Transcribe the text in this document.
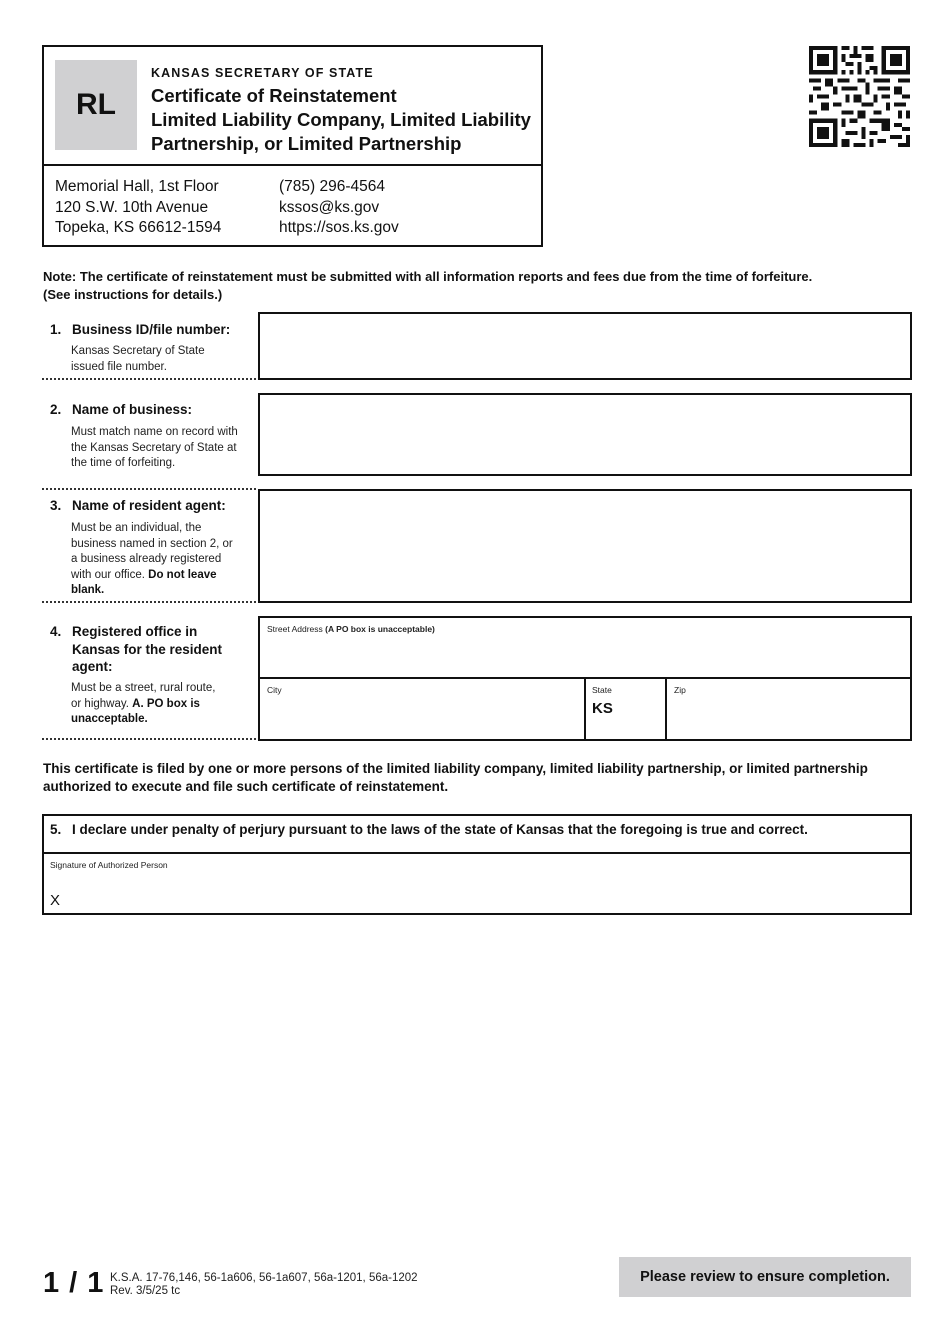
RL
KANSAS SECRETARY OF STATE
Certificate of Reinstatement
Limited Liability Company, Limited Liability
Partnership, or Limited Partnership
Memorial Hall, 1st Floor
120 S.W. 10th Avenue
Topeka, KS 66612-1594
(785) 296-4564
kssos@ks.gov
https://sos.ks.gov
Note: The certificate of reinstatement must be submitted with all information reports and fees due from the time of forfeiture.
(See instructions for details.)
1. Business ID/file number:
Kansas Secretary of State
issued file number.
2. Name of business:
Must match name on record with
the Kansas Secretary of State at
the time of forfeiting.
3. Name of resident agent:
Must be an individual, the
business named in section 2, or
a business already registered
with our office. Do not leave
blank.
4. Registered office in
Kansas for the resident
agent:
Must be a street, rural route,
or highway. A. PO box is
unacceptable.
Street Address (A PO box is unacceptable)
City	State
KS
Zip
This certificate is filed by one or more persons of the limited liability company, limited liability partnership, or limited partnership
authorized to execute and file such certificate of reinstatement.
5. I declare under penalty of perjury pursuant to the laws of the state of Kansas that the foregoing is true and correct.
Signature of Authorized Person
X
1 / 1 K.S.A. 17-76,146, 56-1a606, 56-1a607, 56a-1201, 56a-1202
Rev. 3/5/25 tc
Please review to ensure completion.
